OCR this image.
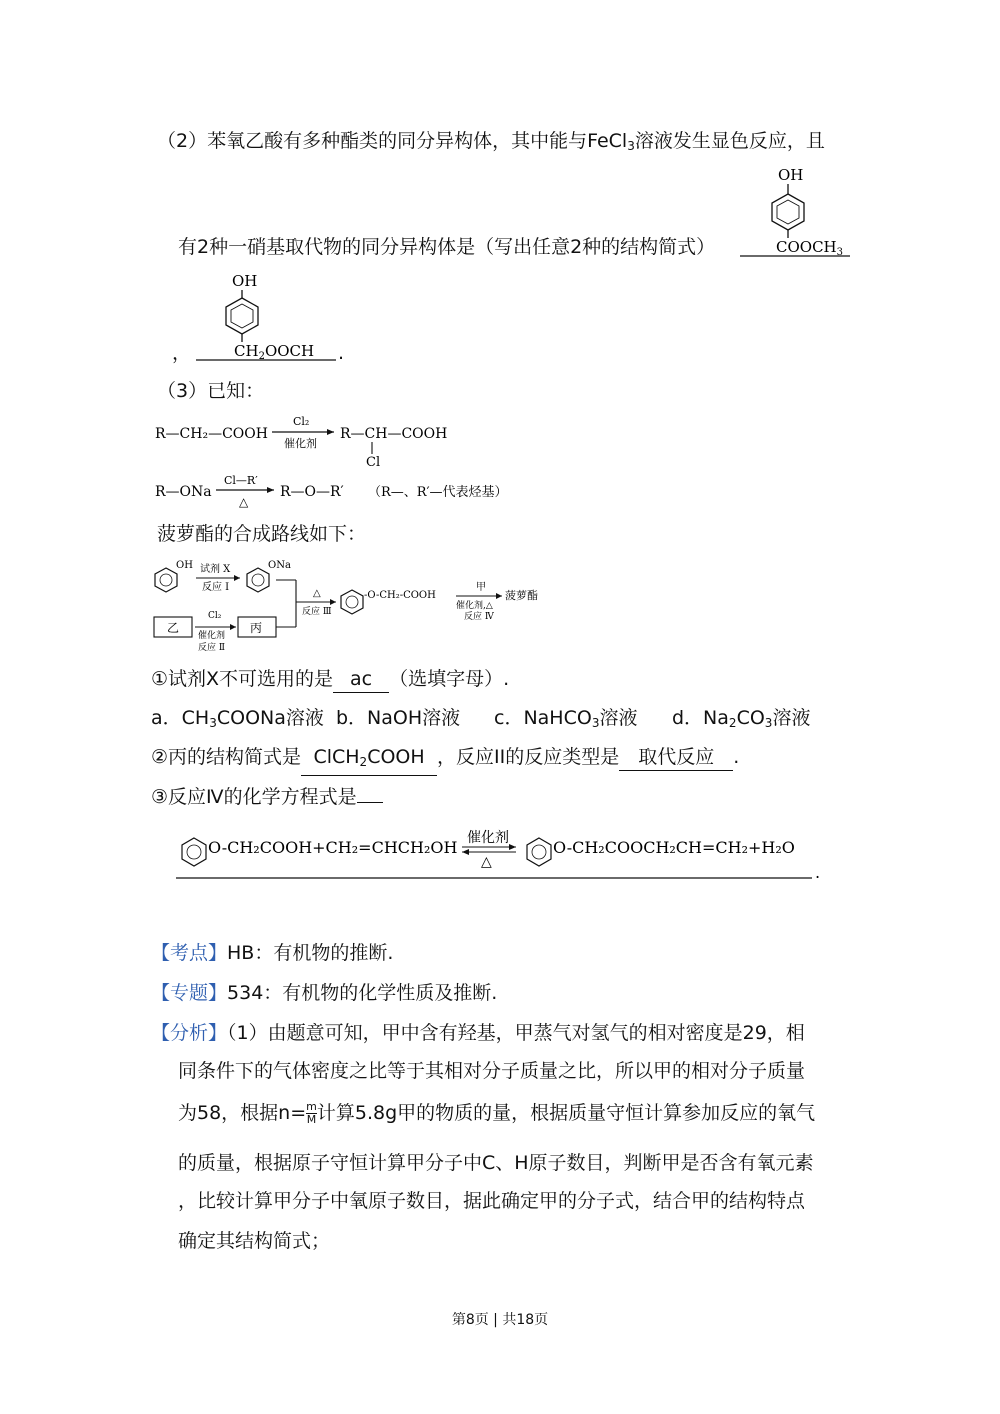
（2）苯氧乙酸有多种酯类的同分异构体，其中能与FeCl$_3$溶液发生显色反应，且
OH
$COOCH_3$
有2种一硝基取代物的同分异构体是（写出任意2种的结构简式）
，
OH
$CH_2OOCH$ .
（3）已知：
R—CH₂—COOH
Cl₂
催化剂
R—CH—COOH
Cl
R—ONa
Cl—R′
△
R—O—R′ （R—、R′—代表烃基）
菠萝酯的合成路线如下：
OH 试剂 X
反应 Ⅰ
ONa
乙
Cl₂
催化剂
反应 Ⅱ
丙
△
反应 Ⅲ
-O-CH₂-COOH
甲
催化剂,△
反应 Ⅳ
菠萝酯
①试剂X不可选用的是 ac （选填字母）.
a．$CH_3COONa$溶液 b．NaOH溶液 c．NaHCO$_3$溶液 d．$Na_2CO_3$溶液
②丙的结构简式是 ClCH$_2$COOH ，反应II的反应类型是 取代反应 .
③反应Ⅳ的化学方程式是
O-CH₂COOH+CH₂=CHCH₂OH 催化剂
△
O-CH₂COOCH₂CH=CH₂+H₂O
.
【考点】HB：有机物的推断.
【专题】534：有机物的化学性质及推断.
【分析】（1）由题意可知，甲中含有羟基，甲蒸气对氢气的相对密度是29，相
同条件下的气体密度之比等于其相对分子质量之比，所以甲的相对分子质量
为58，根据$n= \frac{m}{M}$ 计算5.8g甲的物质的量，根据质量守恒计算参加反应的氧气
的质量，根据原子守恒计算甲分子中C、H原子数目，判断甲是否含有氧元素
，比较计算甲分子中氧原子数目，据此确定甲的分子式，结合甲的结构特点
确定其结构简式；
第8页 | 共18页
